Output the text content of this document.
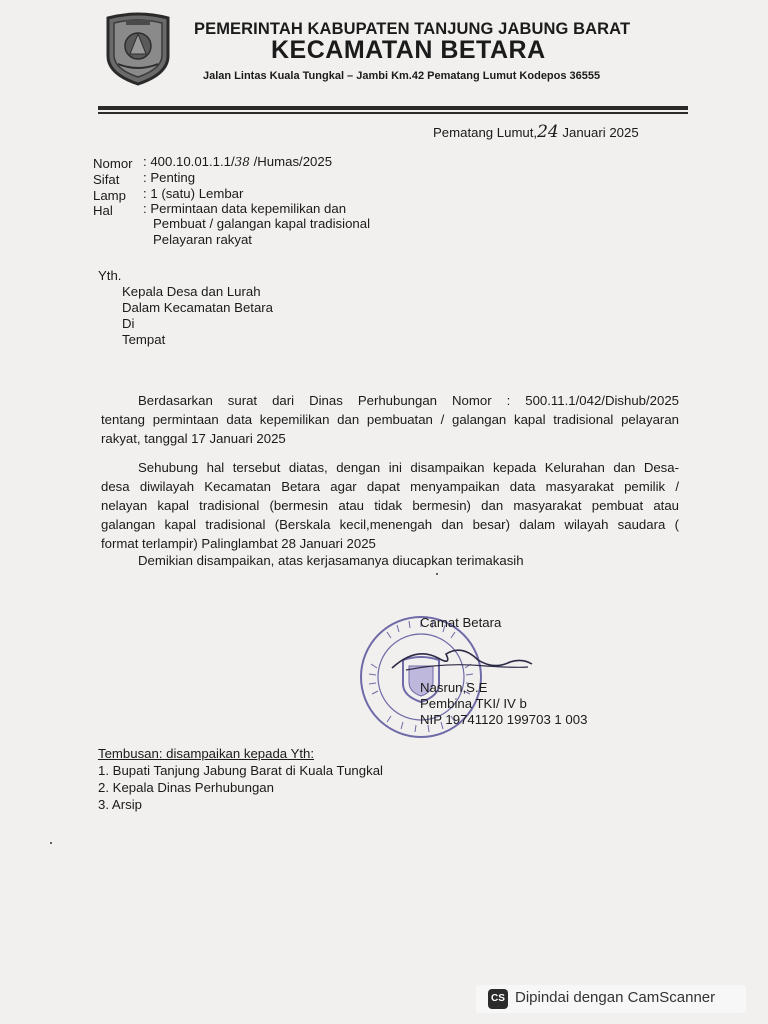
PEMERINTAH KABUPATEN TANJUNG JABUNG BARAT
KECAMATAN BETARA
Jalan Lintas Kuala Tungkal – Jambi Km.42 Pematang Lumut Kodepos 36555
Pematang Lumut,24 Januari 2025
Nomor : 400.10.01.1.1/38 /Humas/2025
Sifat : Penting
Lamp : 1 (satu) Lembar
Hal : Permintaan data kepemilikan dan
Pembuat / galangan kapal tradisional
Pelayaran rakyat
Yth.
Kepala Desa dan Lurah
Dalam Kecamatan Betara
Di
Tempat
Berdasarkan surat dari Dinas Perhubungan Nomor : 500.11.1/042/Dishub/2025
tentang permintaan data kepemilikan dan pembuatan / galangan kapal tradisional pelayaran
rakyat, tanggal 17 Januari 2025
Sehubung hal tersebut diatas, dengan ini disampaikan kepada Kelurahan dan Desa-
desa diwilayah Kecamatan Betara agar dapat menyampaikan data masyarakat pemilik /
nelayan kapal tradisional (bermesin atau tidak bermesin) dan masyarakat pembuat atau
galangan kapal tradisional (Berskala kecil,menengah dan besar) dalam wilayah saudara (
format terlampir) Palinglambat 28 Januari 2025
Demikian disampaikan, atas kerjasamanya diucapkan terimakasih
Camat Betara
Nasrun,S.E
Pembina TKI/ IV b
NIP 19741120 199703 1 003
Tembusan: disampaikan kepada Yth:
1. Bupati Tanjung Jabung Barat di Kuala Tungkal
2. Kepala Dinas Perhubungan
3. Arsip
CS Dipindai dengan CamScanner
